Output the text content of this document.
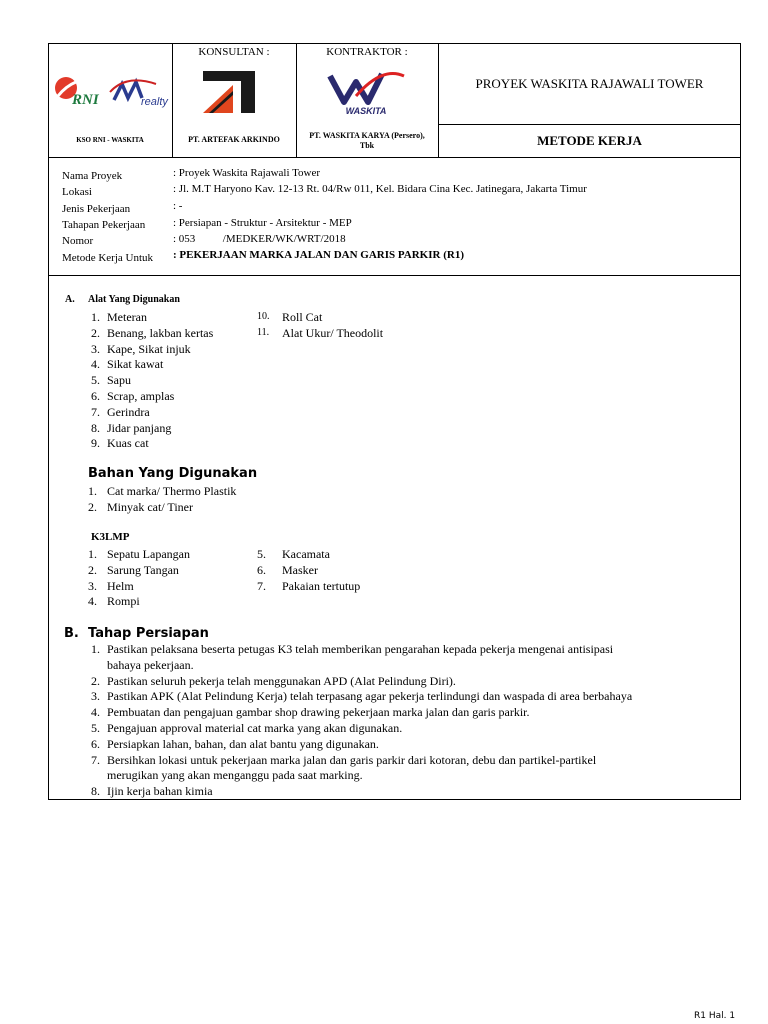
RNI	realty
KSO RNI - WASKITA
KONSULTAN :
PT. ARTEFAK ARKINDO
KONTRAKTOR :
WASKITA
PT. WASKITA KARYA (Persero),
Tbk
PROYEK WASKITA RAJAWALI TOWER
METODE KERJA
Nama Proyek	: Proyek Waskita Rajawali Tower
Lokasi	: Jl. M.T Haryono Kav. 12-13 Rt. 04/Rw 011, Kel. Bidara Cina Kec. Jatinegara, Jakarta Timur
Jenis Pekerjaan	: -
Tahapan Pekerjaan	: Persiapan - Struktur - Arsitektur - MEP
Nomor	: 053          /MEDKER/WK/WRT/2018
Metode Kerja Untuk : PEKERJAAN MARKA JALAN DAN GARIS PARKIR (R1)
A. Alat Yang Digunakan
1. Meteran
2. Benang, lakban kertas
3. Kape, Sikat injuk
4. Sikat kawat
5. Sapu
6. Scrap, amplas
7. Gerindra
8. Jidar panjang
9. Kuas cat
10. Roll Cat
11. Alat Ukur/ Theodolit
Bahan Yang Digunakan
1. Cat marka/ Thermo Plastik
2. Minyak cat/ Tiner
K3LMP
1. Sepatu Lapangan
2. Sarung Tangan
3. Helm
4. Rompi
5. Kacamata
6. Masker
7. Pakaian tertutup
B. Tahap Persiapan
1. Pastikan pelaksana beserta petugas K3 telah memberikan pengarahan kepada pekerja mengenai antisipasi
bahaya pekerjaan.
2. Pastikan seluruh pekerja telah menggunakan APD (Alat Pelindung Diri).
3. Pastikan APK (Alat Pelindung Kerja) telah terpasang agar pekerja terlindungi dan waspada di area berbahaya
4. Pembuatan dan pengajuan gambar shop drawing pekerjaan marka jalan dan garis parkir.
5. Pengajuan approval material cat marka yang akan digunakan.
6. Persiapkan lahan, bahan, dan alat bantu yang digunakan.
7. Bersihkan lokasi untuk pekerjaan marka jalan dan garis parkir dari kotoran, debu dan partikel-partikel
merugikan yang akan menganggu pada saat marking.
8. Ijin kerja bahan kimia
R1 Hal. 1
